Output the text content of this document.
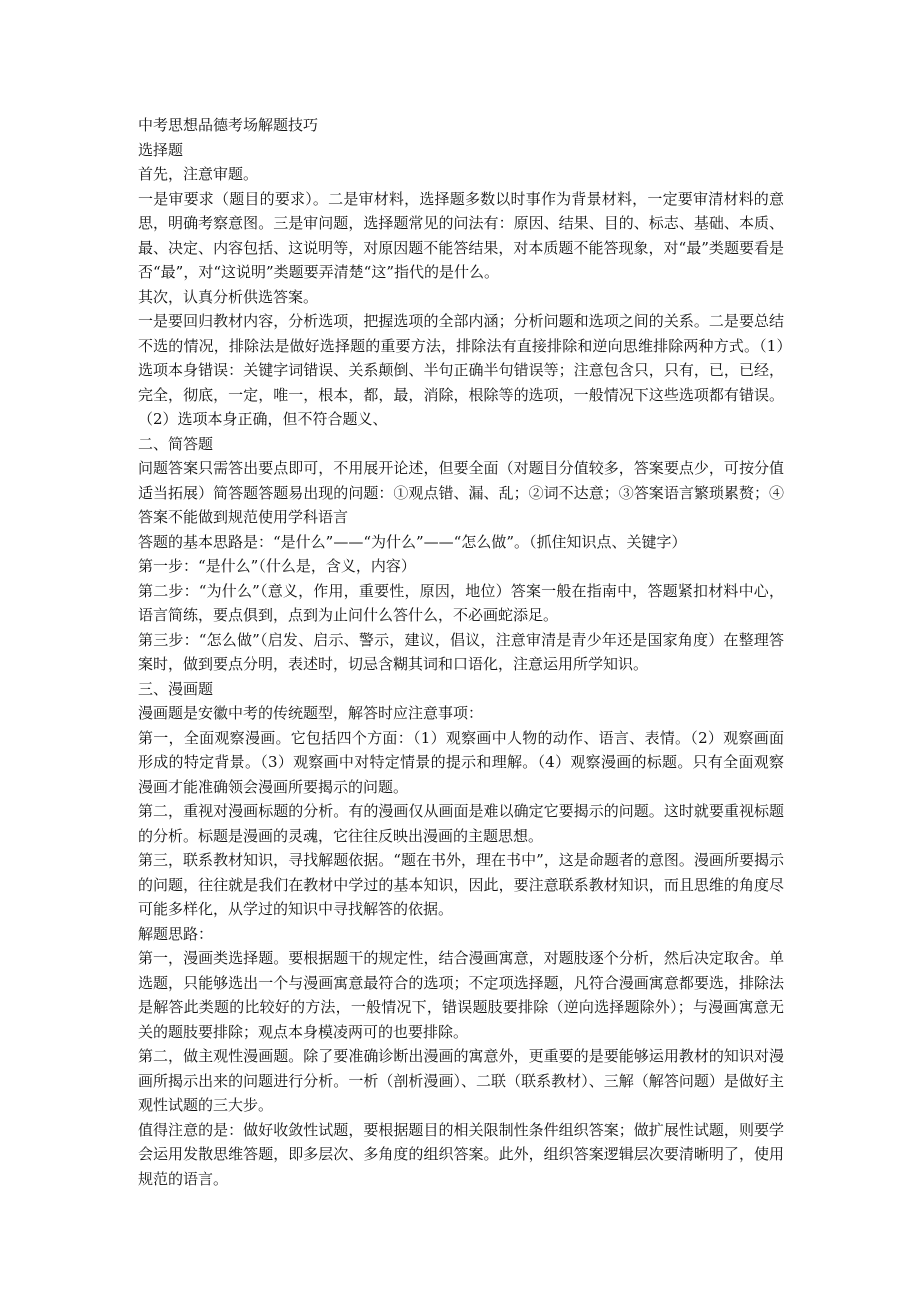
中考思想品德考场解题技巧

选择题

首先，注意审题。

一是审要求（题目的要求）。二是审材料，选择题多数以时事作为背景材料，一定要审清材料的意思，明确考察意图。三是审问题，选择题常见的问法有：原因、结果、目的、标志、基础、本质、最、决定、内容包括、这说明等，对原因题不能答结果，对本质题不能答现象，对“最”类题要看是否“最”，对“这说明”类题要弄清楚“这”指代的是什么。

其次，认真分析供选答案。

一是要回归教材内容，分析选项，把握选项的全部内涵；分析问题和选项之间的关系。二是要总结不选的情况，排除法是做好选择题的重要方法，排除法有直接排除和逆向思维排除两种方式。（1）选项本身错误：关键字词错误、关系颠倒、半句正确半句错误等；注意包含只，只有，已，已经，完全，彻底，一定，唯一，根本，都，最，消除，根除等的选项，一般情况下这些选项都有错误。（2）选项本身正确，但不符合题义、

二、简答题

问题答案只需答出要点即可，不用展开论述，但要全面（对题目分值较多，答案要点少，可按分值适当拓展）简答题答题易出现的问题：①观点错、漏、乱；②词不达意；③答案语言繁琐累赘；④答案不能做到规范使用学科语言

答题的基本思路是：“是什么”——“为什么”——“怎么做”。（抓住知识点、关键字）

第一步：“是什么”（什么是，含义，内容）

第二步：“为什么”（意义，作用，重要性，原因，地位）答案一般在指南中，答题紧扣材料中心，语言简练，要点俱到，点到为止问什么答什么，不必画蛇添足。

第三步：“怎么做”（启发、启示、警示，建议，倡议，注意审清是青少年还是国家角度）在整理答案时，做到要点分明，表述时，切忌含糊其词和口语化，注意运用所学知识。

三、漫画题

漫画题是安徽中考的传统题型，解答时应注意事项：

第一，全面观察漫画。它包括四个方面：（1）观察画中人物的动作、语言、表情。（2）观察画面形成的特定背景。（3）观察画中对特定情景的提示和理解。（4）观察漫画的标题。只有全面观察漫画才能准确领会漫画所要揭示的问题。

第二，重视对漫画标题的分析。有的漫画仅从画面是难以确定它要揭示的问题。这时就要重视标题的分析。标题是漫画的灵魂，它往往反映出漫画的主题思想。

第三，联系教材知识，寻找解题依据。“题在书外，理在书中”，这是命题者的意图。漫画所要揭示的问题，往往就是我们在教材中学过的基本知识，因此，要注意联系教材知识，而且思维的角度尽可能多样化，从学过的知识中寻找解答的依据。

解题思路：

第一，漫画类选择题。要根据题干的规定性，结合漫画寓意，对题肢逐个分析，然后决定取舍。单选题，只能够选出一个与漫画寓意最符合的选项；不定项选择题，凡符合漫画寓意都要选，排除法是解答此类题的比较好的方法，一般情况下，错误题肢要排除（逆向选择题除外）；与漫画寓意无关的题肢要排除；观点本身模凌两可的也要排除。

第二，做主观性漫画题。除了要准确诊断出漫画的寓意外，更重要的是要能够运用教材的知识对漫画所揭示出来的问题进行分析。一析（剖析漫画）、二联（联系教材）、三解（解答问题）是做好主观性试题的三大步。

值得注意的是：做好收敛性试题，要根据题目的相关限制性条件组织答案；做扩展性试题，则要学会运用发散思维答题，即多层次、多角度的组织答案。此外，组织答案逻辑层次要清晰明了，使用规范的语言。
